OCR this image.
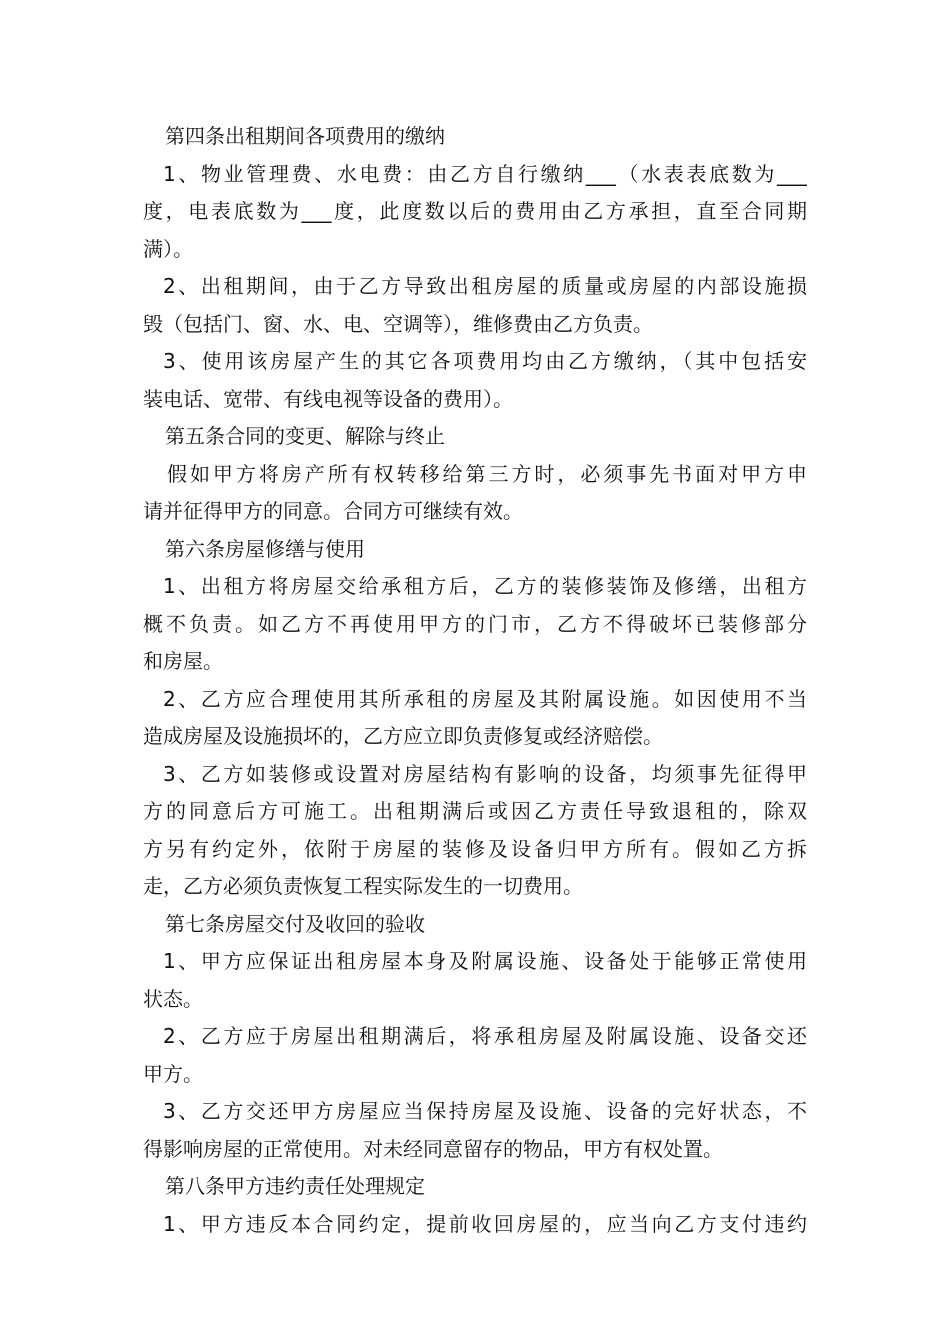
第四条出租期间各项费用的缴纳
1、物业管理费、水电费：由乙方自行缴纳___（水表表底数为___
度，电表底数为___度，此度数以后的费用由乙方承担，直至合同期
满）。
2、出租期间，由于乙方导致出租房屋的质量或房屋的内部设施损
毁（包括门、窗、水、电、空调等），维修费由乙方负责。
3、使用该房屋产生的其它各项费用均由乙方缴纳，（其中包括安
装电话、宽带、有线电视等设备的费用）。
第五条合同的变更、解除与终止
假如甲方将房产所有权转移给第三方时，必须事先书面对甲方申
请并征得甲方的同意。合同方可继续有效。
第六条房屋修缮与使用
1、出租方将房屋交给承租方后，乙方的装修装饰及修缮，出租方
概不负责。如乙方不再使用甲方的门市，乙方不得破坏已装修部分
和房屋。
2、乙方应合理使用其所承租的房屋及其附属设施。如因使用不当
造成房屋及设施损坏的，乙方应立即负责修复或经济赔偿。
3、乙方如装修或设置对房屋结构有影响的设备，均须事先征得甲
方的同意后方可施工。出租期满后或因乙方责任导致退租的，除双
方另有约定外，依附于房屋的装修及设备归甲方所有。假如乙方拆
走，乙方必须负责恢复工程实际发生的一切费用。
第七条房屋交付及收回的验收
1、甲方应保证出租房屋本身及附属设施、设备处于能够正常使用
状态。
2、乙方应于房屋出租期满后，将承租房屋及附属设施、设备交还
甲方。
3、乙方交还甲方房屋应当保持房屋及设施、设备的完好状态，不
得影响房屋的正常使用。对未经同意留存的物品，甲方有权处置。
第八条甲方违约责任处理规定
1、甲方违反本合同约定，提前收回房屋的，应当向乙方支付违约
